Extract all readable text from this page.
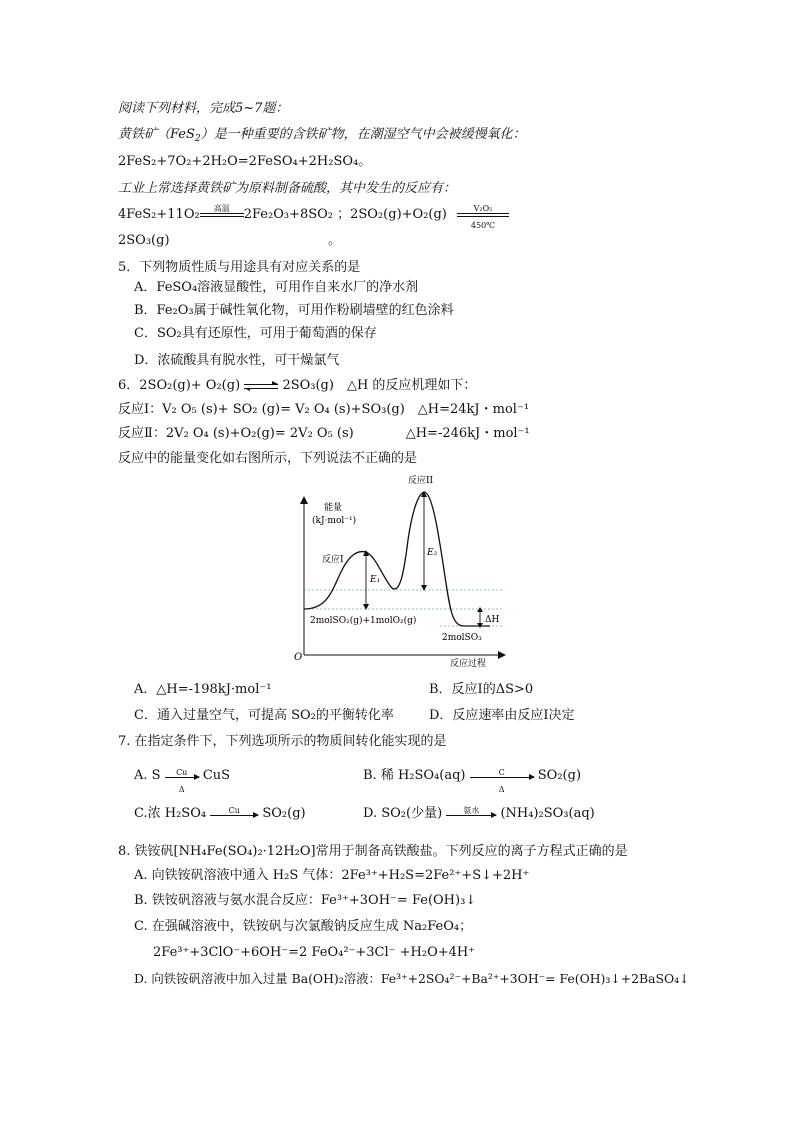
阅读下列材料，完成5~7题：
黄铁矿（FeS$_2$）是一种重要的含铁矿物，在潮湿空气中会被缓慢氧化：
2FeS₂+7O₂+2H₂O=2FeSO₄+2H₂SO₄。
工业上常选择黄铁矿为原料制备硫酸，其中发生的反应有：
4FeS₂+11O₂	高温	2Fe₂O₃+8SO₂ ；$2SO_2(g)+O_2(g) \frac{\text{V₂O₅}}{450℃}$
2SO₃(g)	。
5．下列物质性质与用途具有对应关系的是
A．FeSO₄溶液显酸性，可用作自来水厂的净水剂
B．Fe₂O₃属于碱性氧化物，可用作粉刷墙壁的红色涂料
C．SO₂具有还原性，可用于葡萄酒的保存
D．浓硫酸具有脱水性，可干燥氯气
6．2SO₂(g)+ O₂(g) ⇌ 2SO₃(g)　△H 的反应机理如下：
反应Ⅰ：V₂ O₅ (s)+ SO₂ (g)= V₂ O₄ (s)+SO₃(g)　△H=24kJ・mol⁻¹
反应Ⅱ：2V₂ O₄ (s)+O₂(g)= 2V₂ O₅ (s)　　　　△H=-246kJ・mol⁻¹
反应中的能量变化如右图所示，下列说法不正确的是
能量
(kJ·mol⁻¹)
O
反应过程
反应I
反应II
E₁
E₂
ΔH
2molSO₂(g)+1molO₂(g)
2molSO₃
A．△H=-198kJ·mol⁻¹	B．反应Ⅰ的ΔS>0
C．通入过量空气，可提高 SO₂的平衡转化率	D．反应速率由反应Ⅰ决定
7. 在指定条件下，下列选项所示的物质间转化能实现的是
A. S $\frac{Cu}{\Delta}$ CuS	B. 稀 $H_2SO_4(aq) \frac{C}{\Delta} SO_2(g)$
C.浓 H₂SO₄	Cu	SO₂(g)	D. SO₂(少量)	氨水	(NH₄)₂SO₃(aq)
8. 铁铵矾[NH₄Fe(SO₄)₂·12H₂O]常用于制备高铁酸盐。下列反应的离子方程式正确的是
A. 向铁铵矾溶液中通入 H₂S 气体：2Fe³⁺+H₂S=2Fe²⁺+S↓+2H⁺
B. 铁铵矾溶液与氨水混合反应：Fe³⁺+3OH⁻= Fe(OH)₃↓
C. 在强碱溶液中，铁铵矾与次氯酸钠反应生成 Na₂FeO₄；
2Fe³⁺+3ClO⁻+6OH⁻=2 FeO₄²⁻+3Cl⁻ +H₂O+4H⁺
D. 向铁铵矾溶液中加入过量 Ba(OH)₂溶液：Fe³⁺+2SO₄²⁻+Ba²⁺+3OH⁻= Fe(OH)₃↓+2BaSO₄↓
